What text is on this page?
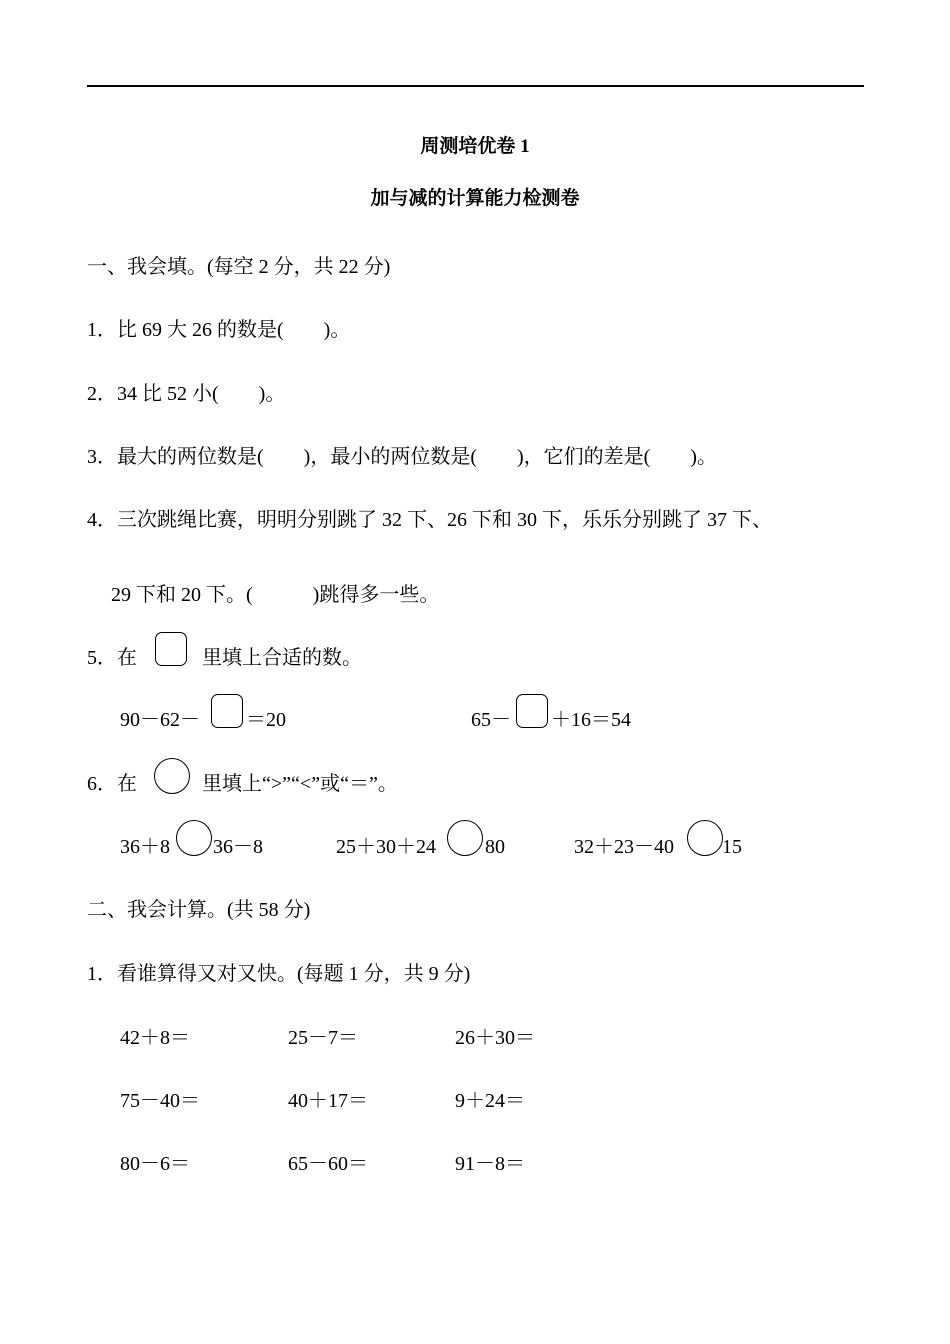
周测培优卷 1
加与减的计算能力检测卷
一、我会填。(每空 2 分，共 22 分)
1．比 69 大 26 的数是(　　)。
2．34 比 52 小(　　)。
3．最大的两位数是(　　)，最小的两位数是(　　)，它们的差是(　　)。
4．三次跳绳比赛，明明分别跳了 32 下、26 下和 30 下，乐乐分别跳了 37 下、
29 下和 20 下。(　　　)跳得多一些。
5．在	里填上合适的数。
90－62－ ＝20	65－ ＋16＝54
6．在	里填上“>”“<”或“＝”。
36＋8 36－8	25＋30＋24 80	32＋23－40 15
二、我会计算。(共 58 分)
1．看谁算得又对又快。(每题 1 分，共 9 分)
42＋8＝	25－7＝	26＋30＝
75－40＝	40＋17＝	9＋24＝
80－6＝	65－60＝	91－8＝
